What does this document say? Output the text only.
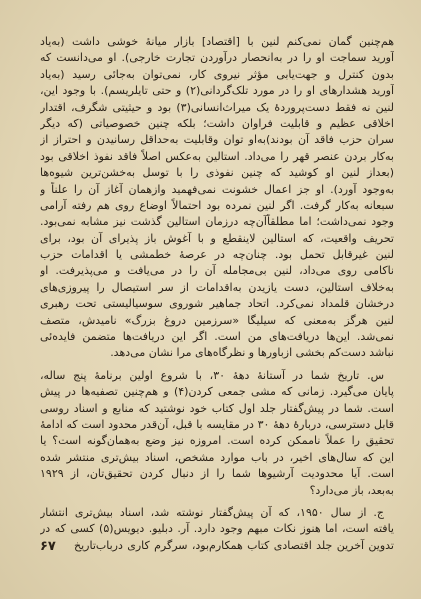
هم‌چنین گمان نمی‌کنم لنین با [اقتصاد] بازار میانهٔ خوشی داشت (به‌یاد
آورید سماجت او را در به‌انحصار درآوردن تجارت خارجی). او می‌دانست که
بدون کنترل و جهت‌یابی مؤثر نیروی کار، نمی‌توان به‌جائی رسید (به‌یاد
آورید هشدارهای او را در مورد تلک‌گردانی(۲) و حتی تایلریسم). با وجود این،
لنین نه فقط دست‌پروردهٔ یک میراث‌انسانی(۳) بود و حیثیتی شگرف، اقتدار
اخلاقی عظیم و قابلیت فراوان داشت؛ بلکه چنین خصوصیاتی (که دیگر
سران حزب فاقد آن بودند)به‌او توان وقابلیت به‌حداقل رسانیدن و احتراز از
به‌کار بردن عنصر قهر را می‌داد. استالین به‌عکس اصلاً فاقد نفوذ اخلاقی بود
(بعداز لنین او کوشید که چنین نفوذی را با توسل به‌خشن‌ترین شیوه‌ها
به‌وجود آورد). او جز اعمال خشونت نمی‌فهمید وازهمان آغاز آن را علناً و
سبعانه به‌کار گرفت. اگر لنین نمرده بود احتمالاً اوضاع روی هم رفته آرامی
وجود نمی‌داشت؛ اما مطلقاًآن‌چه درزمان استالین گذشت نیز مشابه نمی‌بود.
تحریف واقعیت، که استالین لاینقطع و با آغوش باز پذیرای آن بود، برای
لنین غیرقابل تحمل بود. چنان‌چه در عرصهٔ خطمشی یا اقدامات حزب
ناکامی روی می‌داد، لنین بی‌مجامله آن را در می‌یافت و می‌پذیرفت. او
به‌خلاف استالین، دست یازیدن به‌اقدامات از سر استیصال را پیروزی‌های
درخشان قلمداد نمی‌کرد. اتحاد جماهیر شوروی سوسیالیستی تحت رهبری
لنین هرگز به‌معنی که سیلیگا «سرزمین دروغ بزرگ» نامیدش، متصف
نمی‌شد. این‌ها دریافت‌های من است. اگر این دریافت‌ها متضمن فایده‌ئی
نباشد دست‌کم بخشی ازباورها و نظرگاه‌های مرا نشان می‌دهد.
س. تاریخ شما در آستانهٔ دههٔ ۳۰، با شروع اولین برنامهٔ پنج ساله،
پایان می‌گیرد. زمانی که مشی جمعی کردن(۴) و هم‌چنین تصفیه‌ها در پیش
است. شما در پیش‌گفتار جلد اول کتاب خود نوشتید که منابع و اسناد روسی
قابل دسترسی، دربارهٔ دههٔ ۳۰ در مقایسه با قبل، آن‌قدر محدود است که ادامهٔ
تحقیق را عملاً ناممکن کرده است. امروزه نیز وضع به‌همان‌گونه است؟ یا
این که سال‌های اخیر، در باب موارد مشخص، اسناد بیش‌تری منتشر شده
است. آیا محدودیت آرشیوها شما را از دنبال کردن تحقیق‌تان، از ۱۹۲۹
به‌بعد، باز می‌دارد؟
ج. از سال ۱۹۵۰، که آن پیش‌گفتار نوشته شد، اسناد بیش‌تری انتشار
یافته است، اما هنوز نکات مبهم وجود دارد. آر. دبلیو. دیویس(۵) کسی که در
تدوین آخرین جلد اقتصادی کتاب همکارم‌بود، سرگرم کاری درباب‌تاریخ
۶۷
